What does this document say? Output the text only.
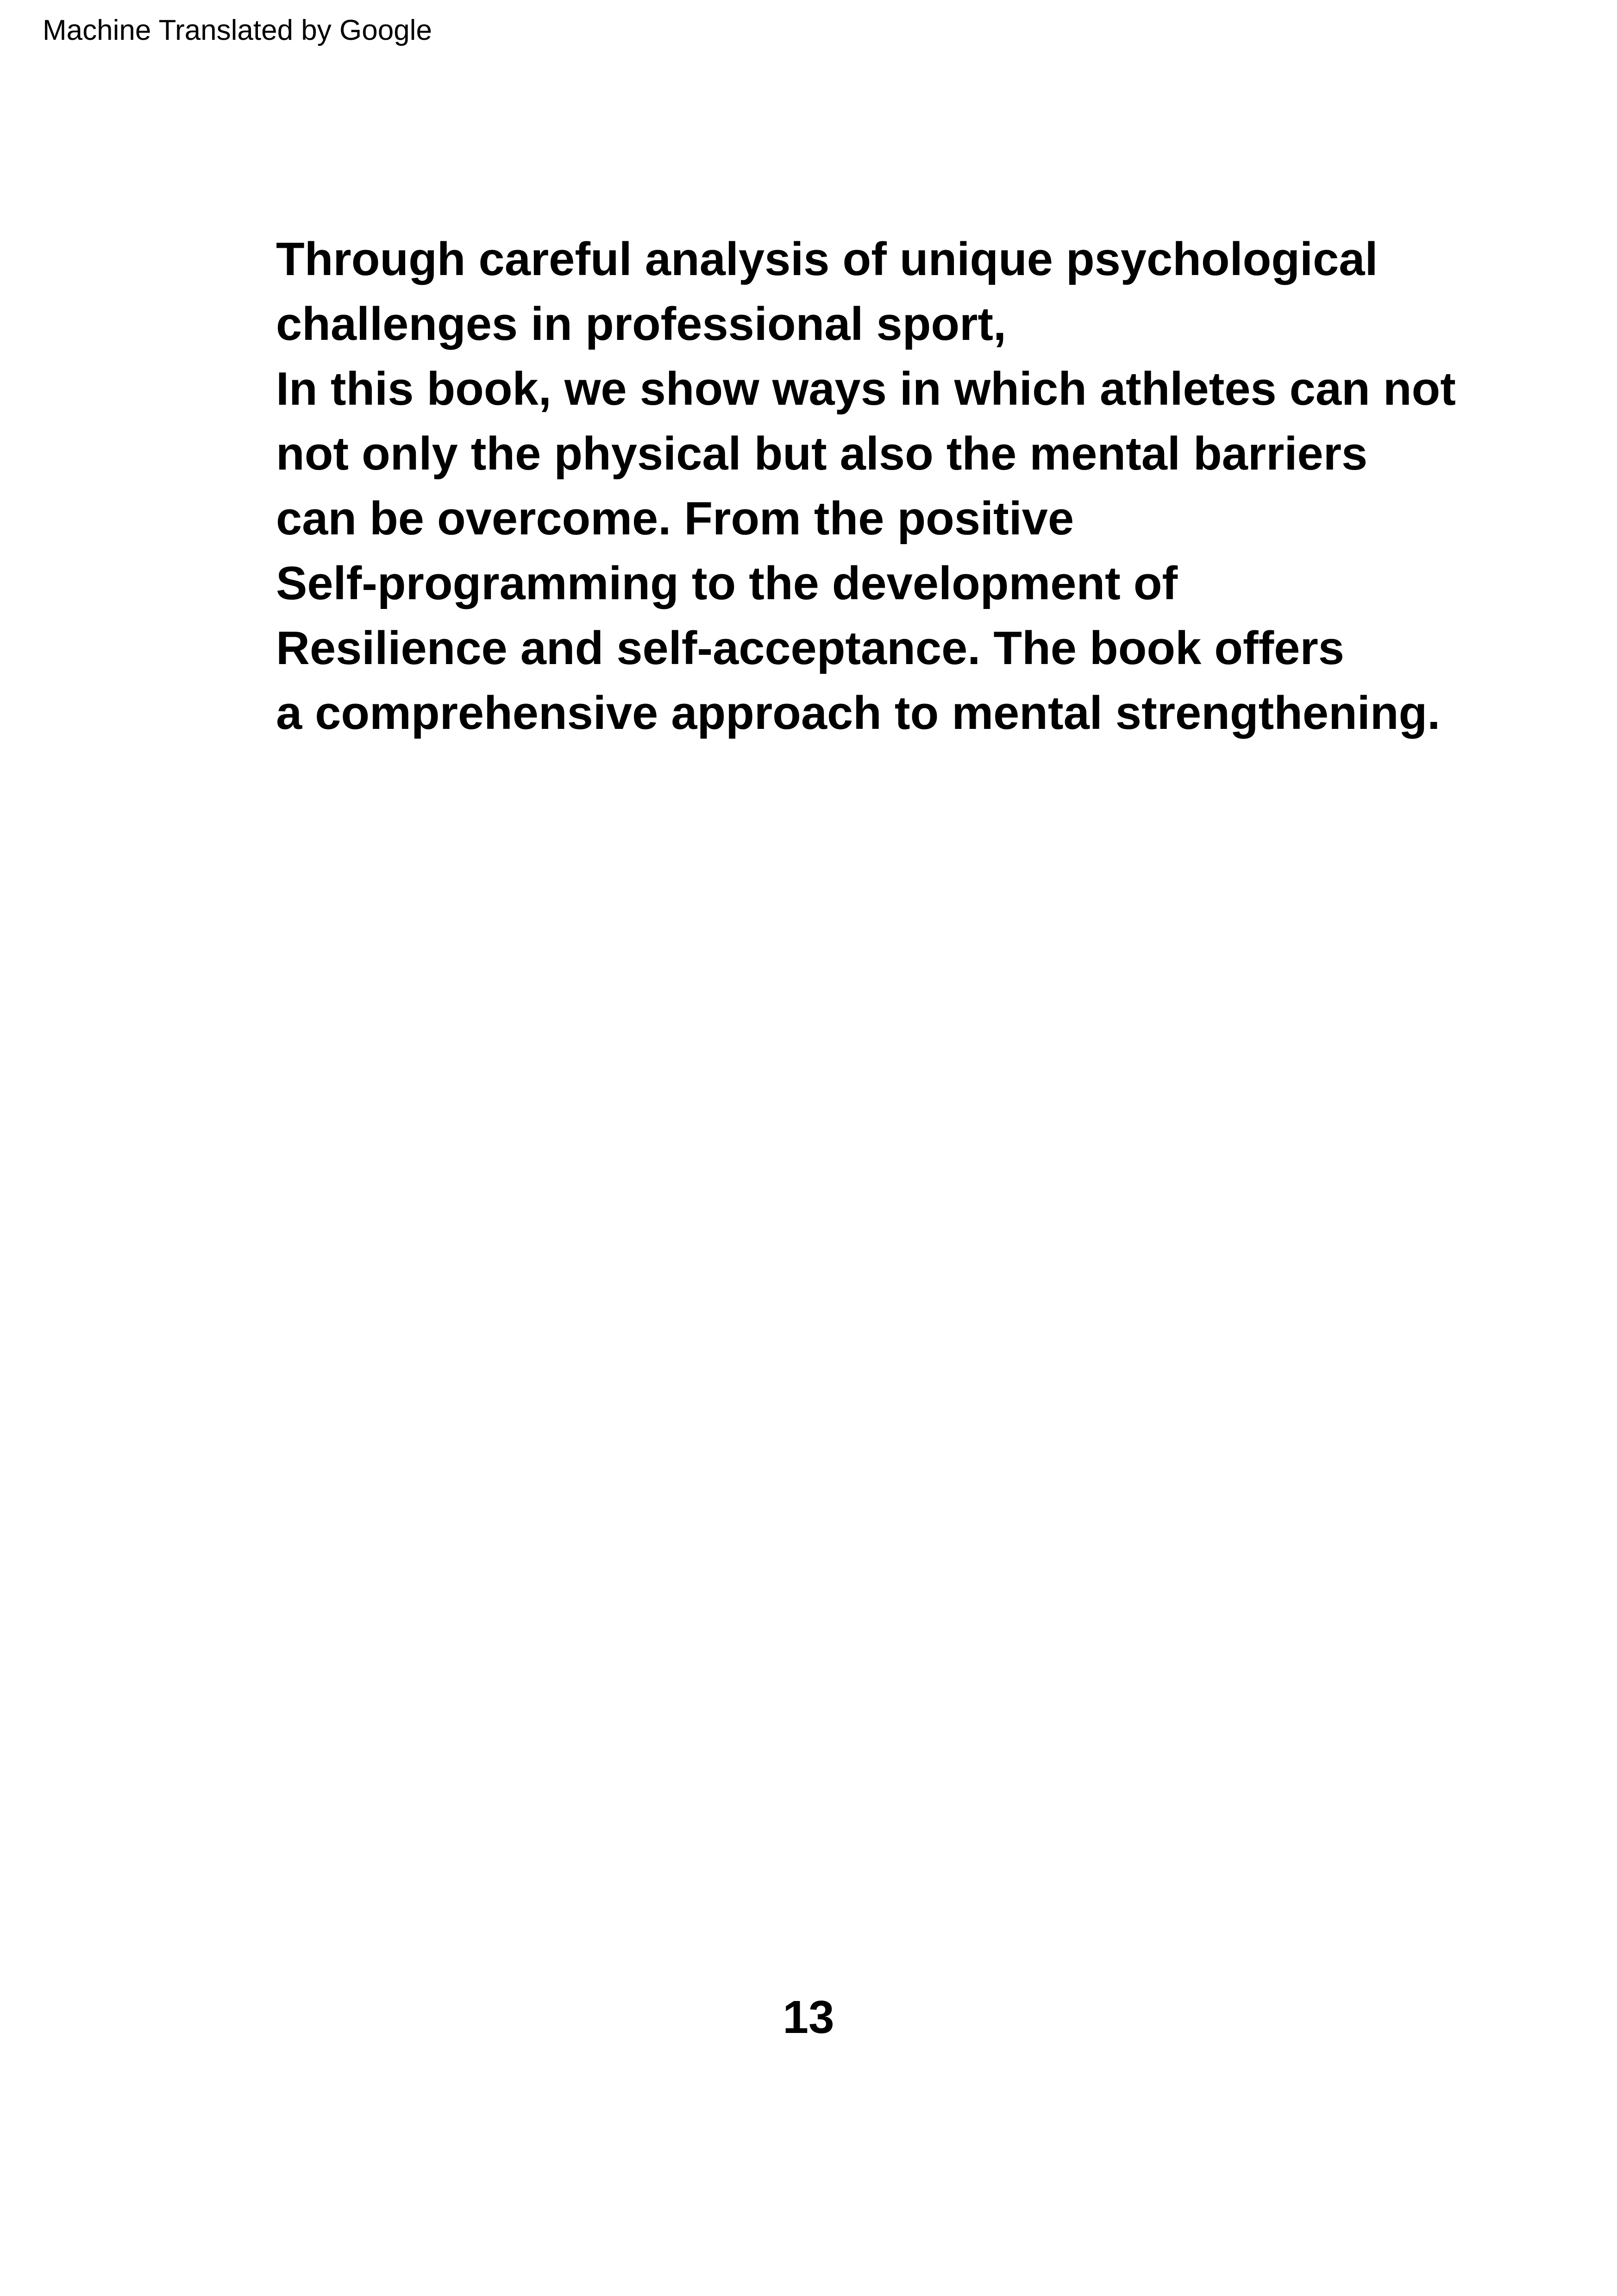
Machine Translated by Google
Through careful analysis of unique psychological
challenges in professional sport,
In this book, we show ways in which athletes can not
not only the physical but also the mental barriers
can be overcome. From the positive
Self-programming to the development of
Resilience and self-acceptance. The book offers
a comprehensive approach to mental strengthening.
13
